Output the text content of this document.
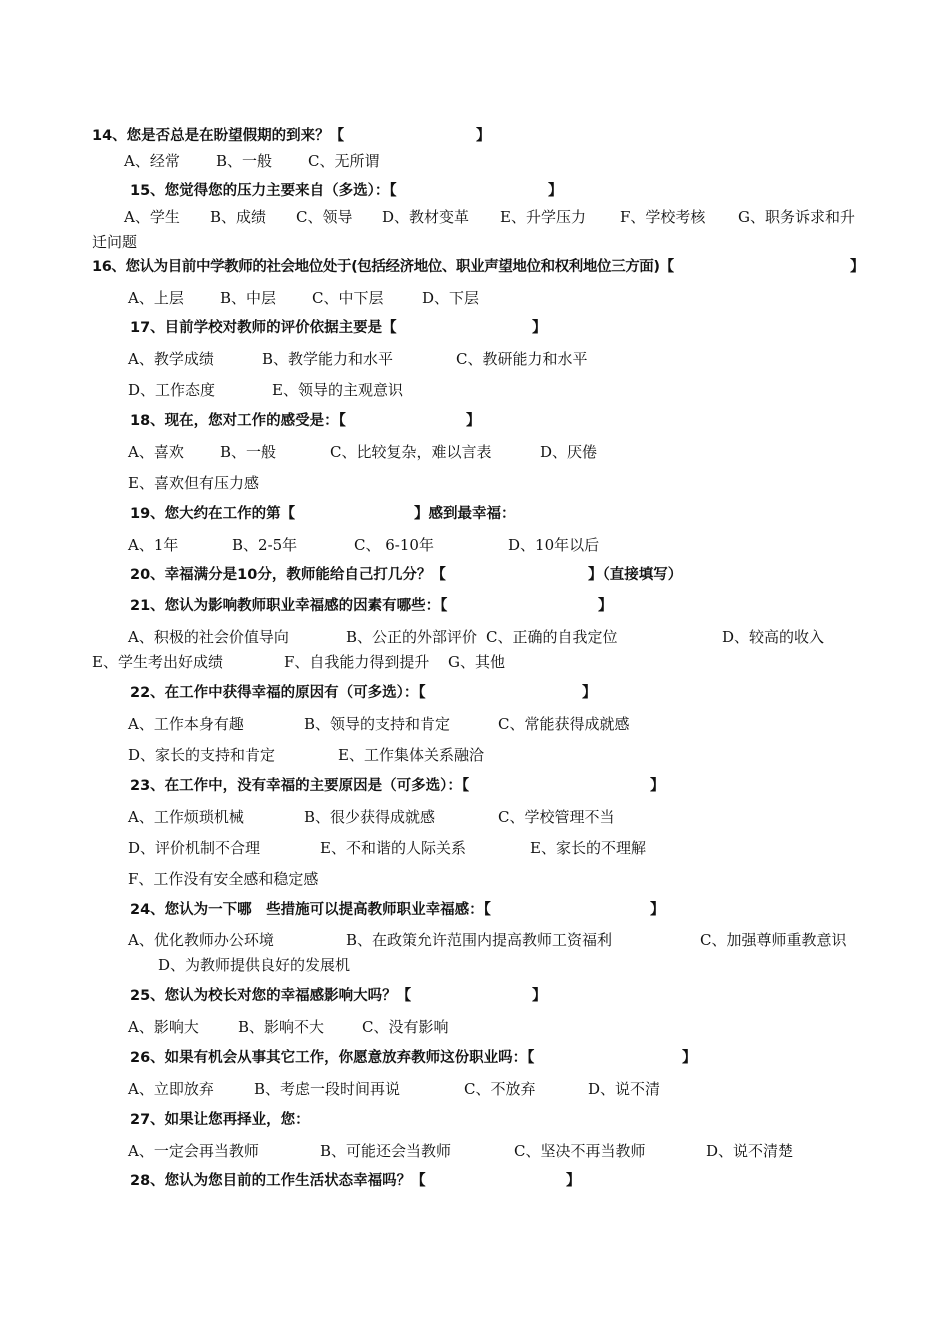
14、您是否总是在盼望假期的到来？【	】
A、经常 B、一般 C、无所谓
15、您觉得您的压力主要来自（多选）：【	】
A、学生 B、成绩 C、领导 D、教材变革 E、升学压力 F、学校考核 G、职务诉求和升
迁问题
16、您认为目前中学教师的社会地位处于(包括经济地位、职业声望地位和权利地位三方面)【	】
A、上层 B、中层 C、中下层	D、下层
17、目前学校对教师的评价依据主要是【	】
A、教学成绩	B、教学能力和水平	C、教研能力和水平
D、工作态度	E、领导的主观意识
18、现在，您对工作的感受是：【	】
A、喜欢 B、一般	C、比较复杂，难以言表	D、厌倦
E、喜欢但有压力感
19、您大约在工作的第【	】感到最幸福：
A、1年	B、2-5年	C、 6-10年	D、10年以后
20、幸福满分是10分，教师能给自己打几分？【	】（直接填写）
21、您认为影响教师职业幸福感的因素有哪些：【	】
A、积极的社会价值导向	B、公正的外部评价 C、正确的自我定位	D、较高的收入
E、学生考出好成绩	F、自我能力得到提升 G、其他
22、在工作中获得幸福的原因有（可多选）：【	】
A、工作本身有趣	B、领导的支持和肯定	C、常能获得成就感
D、家长的支持和肯定	E、工作集体关系融洽
23、在工作中，没有幸福的主要原因是（可多选）：【	】
A、工作烦琐机械	B、很少获得成就感	C、学校管理不当
D、评价机制不合理	E、不和谐的人际关系	E、家长的不理解
F、工作没有安全感和稳定感
24、您认为一下哪　些措施可以提高教师职业幸福感：【	】
A、优化教师办公环境	B、在政策允许范围内提高教师工资福利	C、加强尊师重教意识
D、为教师提供良好的发展机
25、您认为校长对您的幸福感影响大吗？【	】
A、影响大	B、影响不大	C、没有影响
26、如果有机会从事其它工作，你愿意放弃教师这份职业吗：【	】
A、立即放弃	B、考虑一段时间再说	C、不放弃	D、说不清
27、如果让您再择业，您：
A、一定会再当教师	B、可能还会当教师	C、坚决不再当教师	D、说不清楚
28、您认为您目前的工作生活状态幸福吗？【	】
